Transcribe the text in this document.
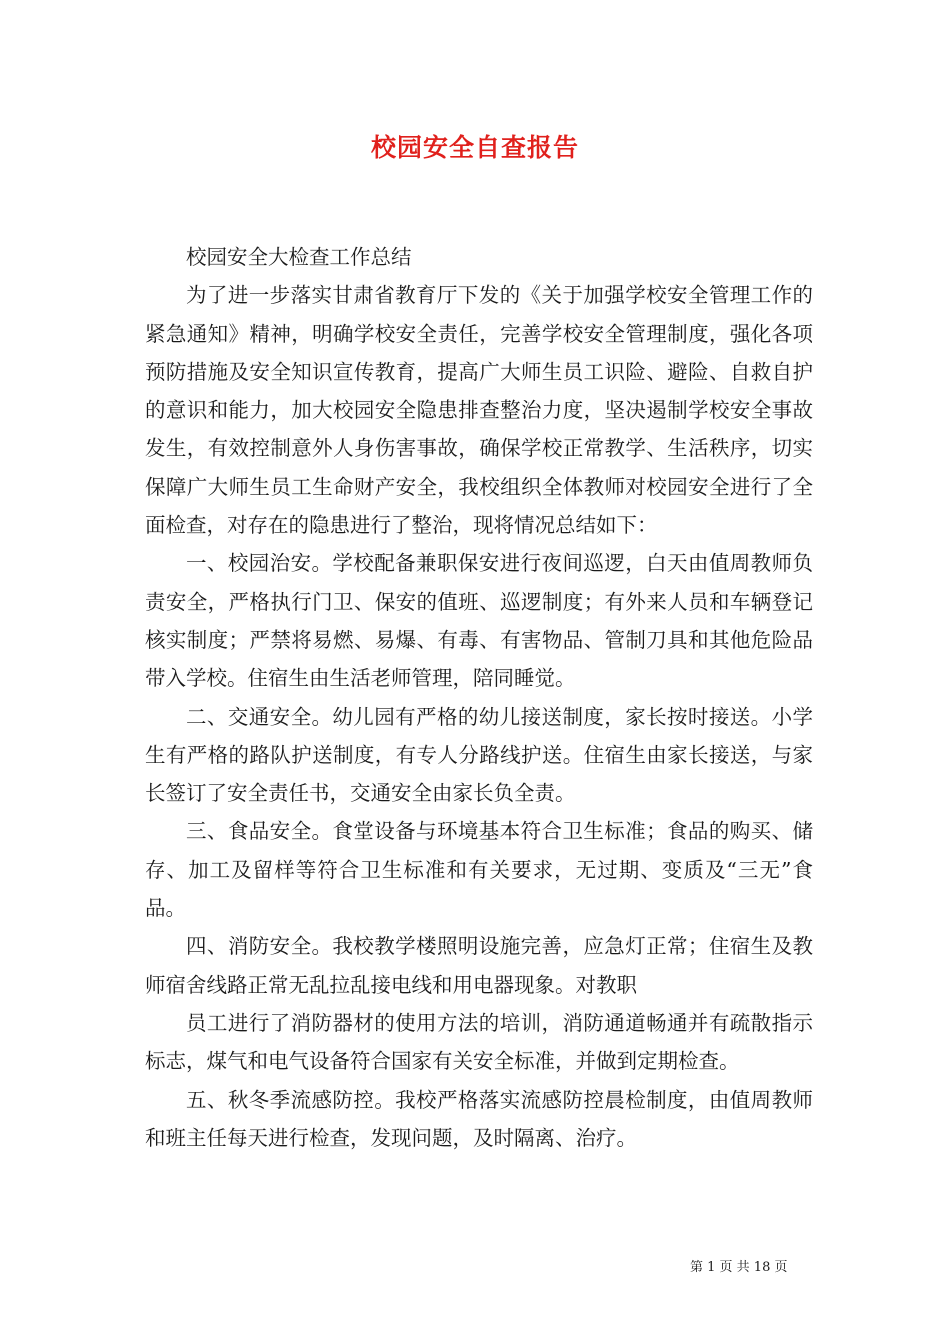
校园安全自查报告

校园安全大检查工作总结

为了进一步落实甘肃省教育厅下发的《关于加强学校安全管理工作的紧急通知》精神，明确学校安全责任，完善学校安全管理制度，强化各项预防措施及安全知识宣传教育，提高广大师生员工识险、避险、自救自护的意识和能力，加大校园安全隐患排查整治力度，坚决遏制学校安全事故发生，有效控制意外人身伤害事故，确保学校正常教学、生活秩序，切实保障广大师生员工生命财产安全，我校组织全体教师对校园安全进行了全面检查，对存在的隐患进行了整治，现将情况总结如下：

一、校园治安。学校配备兼职保安进行夜间巡逻，白天由值周教师负责安全，严格执行门卫、保安的值班、巡逻制度；有外来人员和车辆登记核实制度；严禁将易燃、易爆、有毒、有害物品、管制刀具和其他危险品带入学校。住宿生由生活老师管理，陪同睡觉。

二、交通安全。幼儿园有严格的幼儿接送制度，家长按时接送。小学生有严格的路队护送制度，有专人分路线护送。住宿生由家长接送，与家长签订了安全责任书，交通安全由家长负全责。

三、食品安全。食堂设备与环境基本符合卫生标准；食品的购买、储存、加工及留样等符合卫生标准和有关要求，无过期、变质及“三无”食品。

四、消防安全。我校教学楼照明设施完善，应急灯正常；住宿生及教师宿舍线路正常无乱拉乱接电线和用电器现象。对教职

员工进行了消防器材的使用方法的培训，消防通道畅通并有疏散指示标志，煤气和电气设备符合国家有关安全标准，并做到定期检查。

五、秋冬季流感防控。我校严格落实流感防控晨检制度，由值周教师和班主任每天进行检查，发现问题，及时隔离、治疗。

第 1 页 共 18 页
